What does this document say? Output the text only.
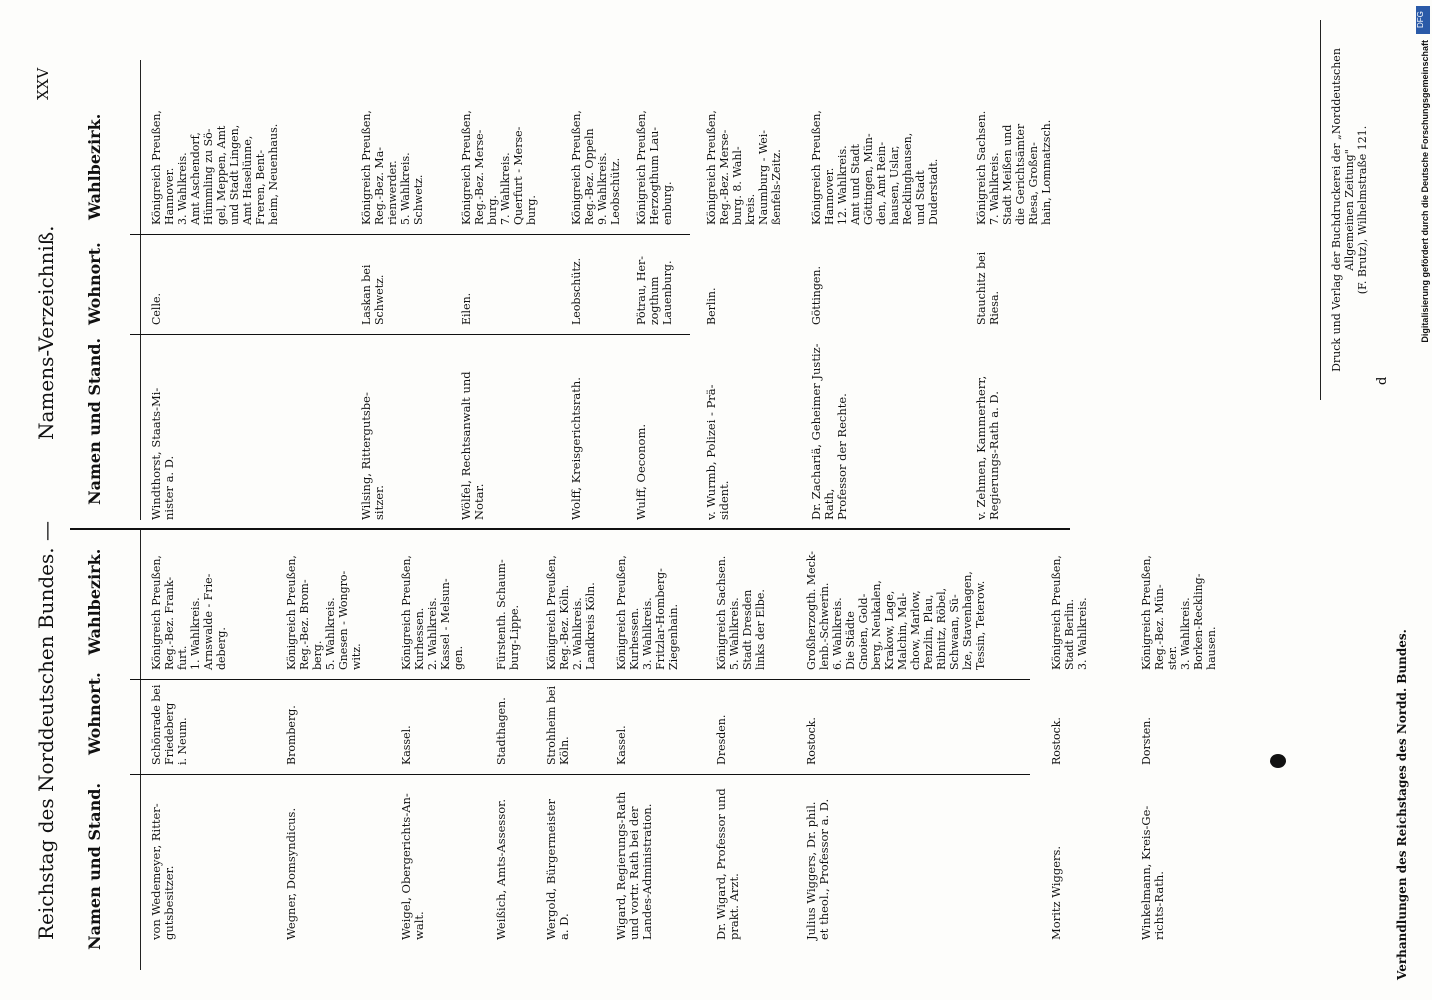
Reichstag des Norddeutschen Bundes. —
Namens-Verzeichniß.
XXV
Namen und Stand.
Wohnort.
Wahlbezirk.
Namen und Stand.
Wohnort.
Wahlbezirk.
von Wedemeyer, Ritter-
gutsbesitzer.
Schönrade bei
Friedeberg
i. Neum.
Königreich Preußen,
Reg.-Bez. Frank-
furt.
1. Wahlkreis.
Arnswalde - Frie-
deberg.
Wegner, Domsyndicus.
Bromberg.
Königreich Preußen,
Reg.-Bez. Brom-
berg.
5. Wahlkreis.
Gnesen - Wongro-
witz.
Weigel, Obergerichts-An-
walt.
Kassel.
Königreich Preußen,
Kurhessen.
2. Wahlkreis.
Kassel - Melsun-
gen.
Weißich, Amts-Assessor.
Stadthagen.
Fürstenth. Schaum-
burg-Lippe.
Wergold, Bürgermeister
a. D.
Strohheim bei
Köln.
Königreich Preußen,
Reg.-Bez. Köln.
2. Wahlkreis.
Landkreis Köln.
Wigard, Regierungs-Rath
und vortr. Rath bei der
Landes-Administration.
Kassel.
Königreich Preußen,
Kurhessen.
3. Wahlkreis.
Fritzlar-Homberg-
Ziegenhain.
Dr. Wigard, Professor und
prakt. Arzt.
Dresden.
Königreich Sachsen.
5. Wahlkreis.
Stadt Dresden
links der Elbe.
Julius Wiggers, Dr. phil.
et theol., Professor a. D.
Rostock.
Großherzogth. Meck-
lenb.-Schwerin.
6. Wahlkreis.
Die Städte
Gnoien, Gold-
berg, Neukalen,
Krakow, Lage,
Malchin, Mal-
chow, Marlow,
Penzlin, Plau,
Ribnitz, Röbel,
Schwaan, Sü-
lze, Stavenhagen,
Tessin, Teterow.
Moritz Wiggers.
Rostock.
Königreich Preußen,
Stadt Berlin.
3. Wahlkreis.
Winkelmann, Kreis-Ge-
richts-Rath.
Dorsten.
Königreich Preußen,
Reg.-Bez. Mün-
ster.
3. Wahlkreis.
Borken-Reckling-
hausen.
Windthorst, Staats-Mi-
nister a. D.
Celle.
Königreich Preußen,
Hannover.
3. Wahlkreis.
Amt Aschendorf,
Hümmling zu Sö-
gel, Meppen, Amt
und Stadt Lingen,
Amt Haselünne,
Freren, Bent-
heim, Neuenhaus.
Wilsing, Rittergutsbe-
sitzer.
Laskan bei
Schwetz.
Königreich Preußen,
Reg.-Bez. Ma-
rienwerder.
5. Wahlkreis.
Schwetz.
Wölfel, Rechtsanwalt und
Notar.
Eilen.
Königreich Preußen,
Reg.-Bez. Merse-
burg.
7. Wahlkreis.
Querfurt - Merse-
burg.
Wolff, Kreisgerichtsrath.
Leobschütz.
Königreich Preußen,
Reg.-Bez. Oppeln
9. Wahlkreis.
Leobschütz.
Wulff, Oeconom.
Pötrau, Her-
zogthum
Lauenburg.
Königreich Preußen,
Herzogthum Lau-
enburg.
v. Wurmb, Polizei - Prä-
sident.
Berlin.
Königreich Preußen,
Reg.-Bez. Merse-
burg. 8. Wahl-
kreis.
Naumburg - Wei-
ßenfels-Zeitz.
Dr. Zachariä, Geheimer Justiz-Rath,
Professor der Rechte.
Göttingen.
Königreich Preußen,
Hannover.
12. Wahlkreis.
Amt und Stadt
Göttingen, Mün-
den, Amt Rein-
hausen, Uslar,
Recklinghausen,
und Stadt
Duderstadt.
v. Zehmen, Kammerherr,
Regierungs-Rath a. D.
Stauchitz bei
Riesa.
Königreich Sachsen.
7. Wahlkreis.
Stadt Meißen und
die Gerichtsämter
Riesa, Großen-
hain, Lommatzsch.
Verhandlungen des Reichstages des Nordd. Bundes.
Druck und Verlag der Buchdruckerei der „Norddeutschen Allgemeinen Zeitung"
(F. Brutz), Wilhelmstraße 121.
d
DFG
Digitalisierung gefördert durch die Deutsche Forschungsgemeinschaft
